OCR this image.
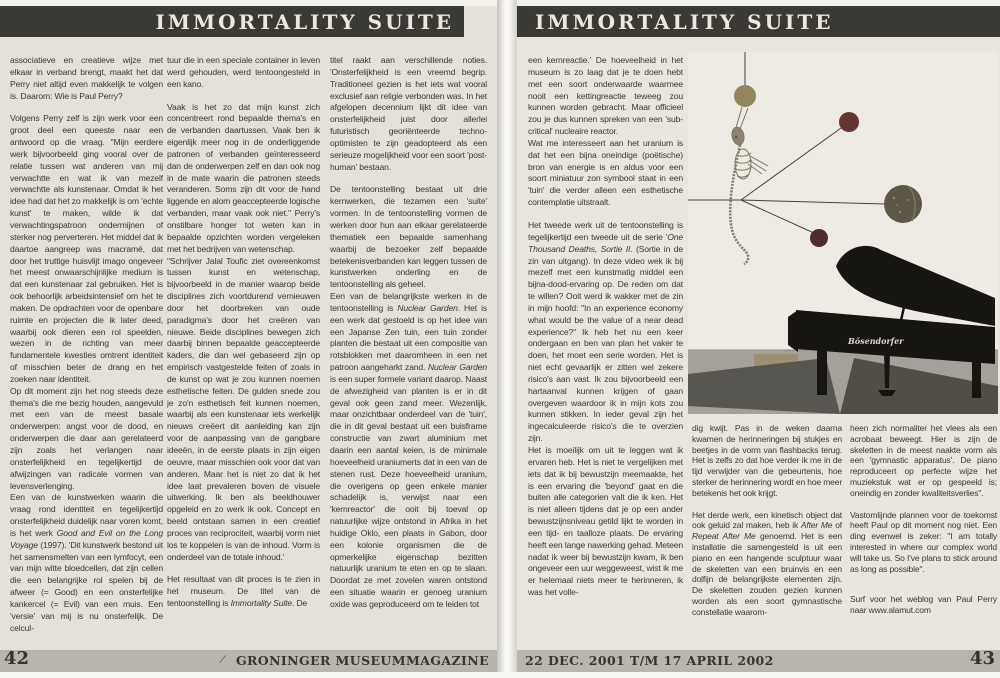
IMMORTALITY SUITE	IMMORTALITY SUITE

associatieve en creatieve wijze met elkaar in verband brengt, maakt het dat Perry niet altijd even makkelijk te volgen is. Daarom: Wie is Paul Perry?

Volgens Perry zelf is zijn werk voor een groot deel een queeste naar een antwoord op die vraag. "Mijn eerdere werk bijvoorbeeld ging vooral over de relatie tussen wat anderen van mij verwachtte en wat ik van mezelf verwachtte als kunstenaar. Omdat ik het idee had dat het zo makkelijk is om 'echte kunst' te maken, wilde ik dat verwachtingspatroon ondermijnen of sterker nog perverteren. Het middel dat ik daartoe aangreep was macramé, dat door het truttige huisvlijt imago ongeveer het meest onwaarschijnlijke medium is dat een kunstenaar zal gebruiken. Het is ook behoorlijk arbeidsintensief om het te maken. De opdrachten voor de openbare ruimte en projecten die ik later deed, waarbij ook dieren een rol speelden, wezen in de richting van meer fundamentele kwesties omtrent identiteit of misschien beter de drang en het zoeken naar identiteit.

Op dit moment zijn het nog steeds deze thema's die me bezig houden, aangevuld met een van de meest basale onderwerpen: angst voor de dood, en onderwerpen die daar aan gerelateerd zijn zoals het verlangen naar onsterfelijkheid en tegelijkertijd de afwijzingen van radicale vormen van levensverlenging.

Een van de kunstwerken waarin die vraag rond identiteit en tegelijkertijd onsterfelijkheid duidelijk naar voren komt, is het werk Good and Evil on the Long Voyage (1997). 'Dit kunstwerk bestond uit het samensmelten van een lymfocyt, een van mijn witte bloedcellen, dat zijn cellen die een belangrijke rol spelen bij de afweer (= Good) en een onsterfelijke kankercel (= Evil) van een muis. Een 'versie' van mij is nu onsterfelijk. De celcul-

tuur die in een speciale container in leven werd gehouden, werd tentoongesteld in een kano.

Vaak is het zo dat mijn kunst zich concentreert rond bepaalde thema's en de verbanden daartussen. Vaak ben ik eigenlijk meer nog in de onderliggende patronen of verbanden geïnteresseerd dan de onderwerpen zelf en dan ook nog in de mate waarin die patronen steeds veranderen. Soms zijn dit voor de hand liggende en alom geaccepteerde logische verbanden, maar vaak ook niet." Perry's onstilbare honger tot weten kan in bepaalde opzichten worden vergeleken met het bedrijven van wetenschap.

"Schrijver Jalal Toufic ziet overeenkomst tussen kunst en wetenschap, bijvoorbeeld in de manier waarop beide disciplines zich voortdurend vernieuwen door het doorbreken van oude paradigma's door het creëren van nieuwe. Beide disciplines bewegen zich daarbij binnen bepaalde geaccepteerde kaders, die dan wel gebaseerd zijn op empirisch vastgestelde feiten of zoals in de kunst op wat je zou kunnen noemen esthetische feiten. De gulden snede zou je zo'n esthetisch feit kunnen noemen, waarbij als een kunstenaar iets werkelijk nieuws creëert dit aanleiding kan zijn voor de aanpassing van de gangbare ideeën, in de eerste plaats in zijn eigen oeuvre, maar misschien ook voor dat van anderen. Maar het is niet zo dat ik het idee laat prevaleren boven de visuele uitwerking. Ik ben als beeldhouwer opgeleid en zo werk ik ook. Concept en beeld ontstaan samen in een creatief proces van reciprociteit, waarbij vorm niet los te koppelen is van de inhoud. Vorm is onderdeel van de totale inhoud.'

Het resultaat van dit proces is te zien in het museum. De titel van de tentoonstelling is Immortality Suite. De

titel raakt aan verschillende noties. 'Onsterfelijkheid is een vreemd begrip. Traditioneel gezien is het iets wat vooral exclusief aan religie verbonden was. In het afgelopen decennium lijkt dit idee van onsterfelijkheid juist door allerlei futuristisch georiënteerde techno-optimisten te zijn geadopteerd als een serieuze mogelijkheid voor een soort 'post-human' bestaan.

De tentoonstelling bestaat uit drie kernwerken, die tezamen een 'suite' vormen. In de tentoonstelling vormen de werken door hun aan elkaar gerelateerde thematiek een bepaalde samenhang waarbij de bezoeker zelf bepaalde betekenisverbanden kan leggen tussen de kunstwerken onderling en de tentoonstelling als geheel.

Een van de belangrijkste werken in de tentoonstelling is Nuclear Garden. Het is een werk dat gestoeld is op het idee van een Japanse Zen tuin, een tuin zonder planten die bestaat uit een compositie van rotsblokken met daaromheen in een net patroon aangeharkt zand. Nuclear Garden is een super formele variant daarop. Naast de afwezigheid van planten is er in dit geval ook geen zand meer. Wezenlijk, maar onzichtbaar onderdeel van de 'tuin', die in dit geval bestaat uit een buisframe constructie van zwart aluminium met daarin een aantal keien, is de minimale hoeveelheid uraniumerts dat in een van de stenen rust. Deze hoeveelheid uranium, die overigens op geen enkele manier schadelijk is, verwijst naar een 'kernreactor' die ooit bij toeval op natuurlijke wijze ontstond in Afrika in het huidige Oklo, een plaats in Gabon, door een kolonie organismen die de opmerkelijke eigenschap bezitten natuurlijk uranium te eten en op te slaan. Doordat ze met zovelen waren ontstond een situatie waarin er genoeg uranium oxide was geproduceerd om te leiden tot

een kernreactie.' De hoeveelheid in het museum is zo laag dat je te doen hebt met een soort onderwaarde waarmee nooit een kettingreactie teweeg zou kunnen worden gebracht. Maar officieel zou je dus kunnen spreken van een 'sub-critical' nucleaire reactor.

Wat me interesseert aan het uranium is dat het een bijna oneindige (poëtische) bron van energie is en aldus voor een soort miniatuur zon symbool staat in een 'tuin' die verder alleen een esthetische contemplatie uitstraalt.

Het tweede werk uit de tentoonstelling is tegelijkertijd een tweede uit de serie 'One Thousand Deaths, Sortie II. (Sortie in de zin van uitgang). In deze video wek ik bij mezelf met een kunstmatig middel een bijna-dood-ervaring op. De reden om dat te willen? Ooit werd ik wakker met de zin in mijn hoofd: "In an experience economy what would be the value of a near dead experience?" Ik heb het nu een keer ondergaan en ben van plan het vaker te doen, het moet een serie worden. Het is niet echt gevaarlijk er zitten wel zekere risico's aan vast. Ik zou bijvoorbeeld een hartaanval kunnen krijgen of gaan overgeven waardoor ik in mijn kots zou kunnen stikken. In ieder geval zijn het ingecalculeerde risico's die te overzien zijn.

Het is moeilijk om uit te leggen wat ik ervaren heb. Het is niet te vergelijken met iets dat ik bij bewustzijn meemaakte, het is een ervaring die 'beyond' gaat en die buiten alle categorien valt die ik ken. Het is niet alleen tijdens dat je op een ander bewustzijnsniveau getild lijkt te worden in een tijd- en taalloze plaats. De ervaring heeft een lange nawerking gehad. Meteen nadat ik weer bij bewustzijn kwam, ik ben ongeveer een uur weggeweest, wist ik me er helemaal niets meer te herinneren, ik was het volle-

dig kwijt. Pas in de weken daarna kwamen de herinneringen bij stukjes en beetjes in de vorm van flashbacks terug. Het is zelfs zo dat hoe verder ik me in de tijd verwijder van die gebeurtenis, hoe sterker de herinnering wordt en hoe meer betekenis het ook krijgt.

Het derde werk, een kinetisch object dat ook geluid zal maken, heb ik After Me of Repeat After Me genoemd. Het is een installatie die samengesteld is uit een piano en een hangende sculptuur waar de skeletten van een bruinvis en een dolfijn de belangrijkste elementen zijn. De skeletten zouden gezien kunnen worden als een soort gymnastische constellatie waarom-

heen zich normaliter het vlees als een acrobaat beweegt. Hier is zijn de skeletten in de meest naakte vorm als een 'gymnastic apparatus'. De piano reproduceert op perfecte wijze het muziekstuk wat er op gespeeld is; oneindig en zonder kwaliteitsverlies".

Vastomlijnde plannen voor de toekomst heeft Paul op dit moment nog niet. Een ding evenwel is zeker: "I am totally interested in where our complex world will take us. So I've plans to stick around as long as possible".

Surf voor het weblog van Paul Perry naar www.alamut.com

Bösendorfer
42	∕ GRONINGER MUSEUMMAGAZINE	22 DEC. 2001 T/M 17 APRIL 2002	43
